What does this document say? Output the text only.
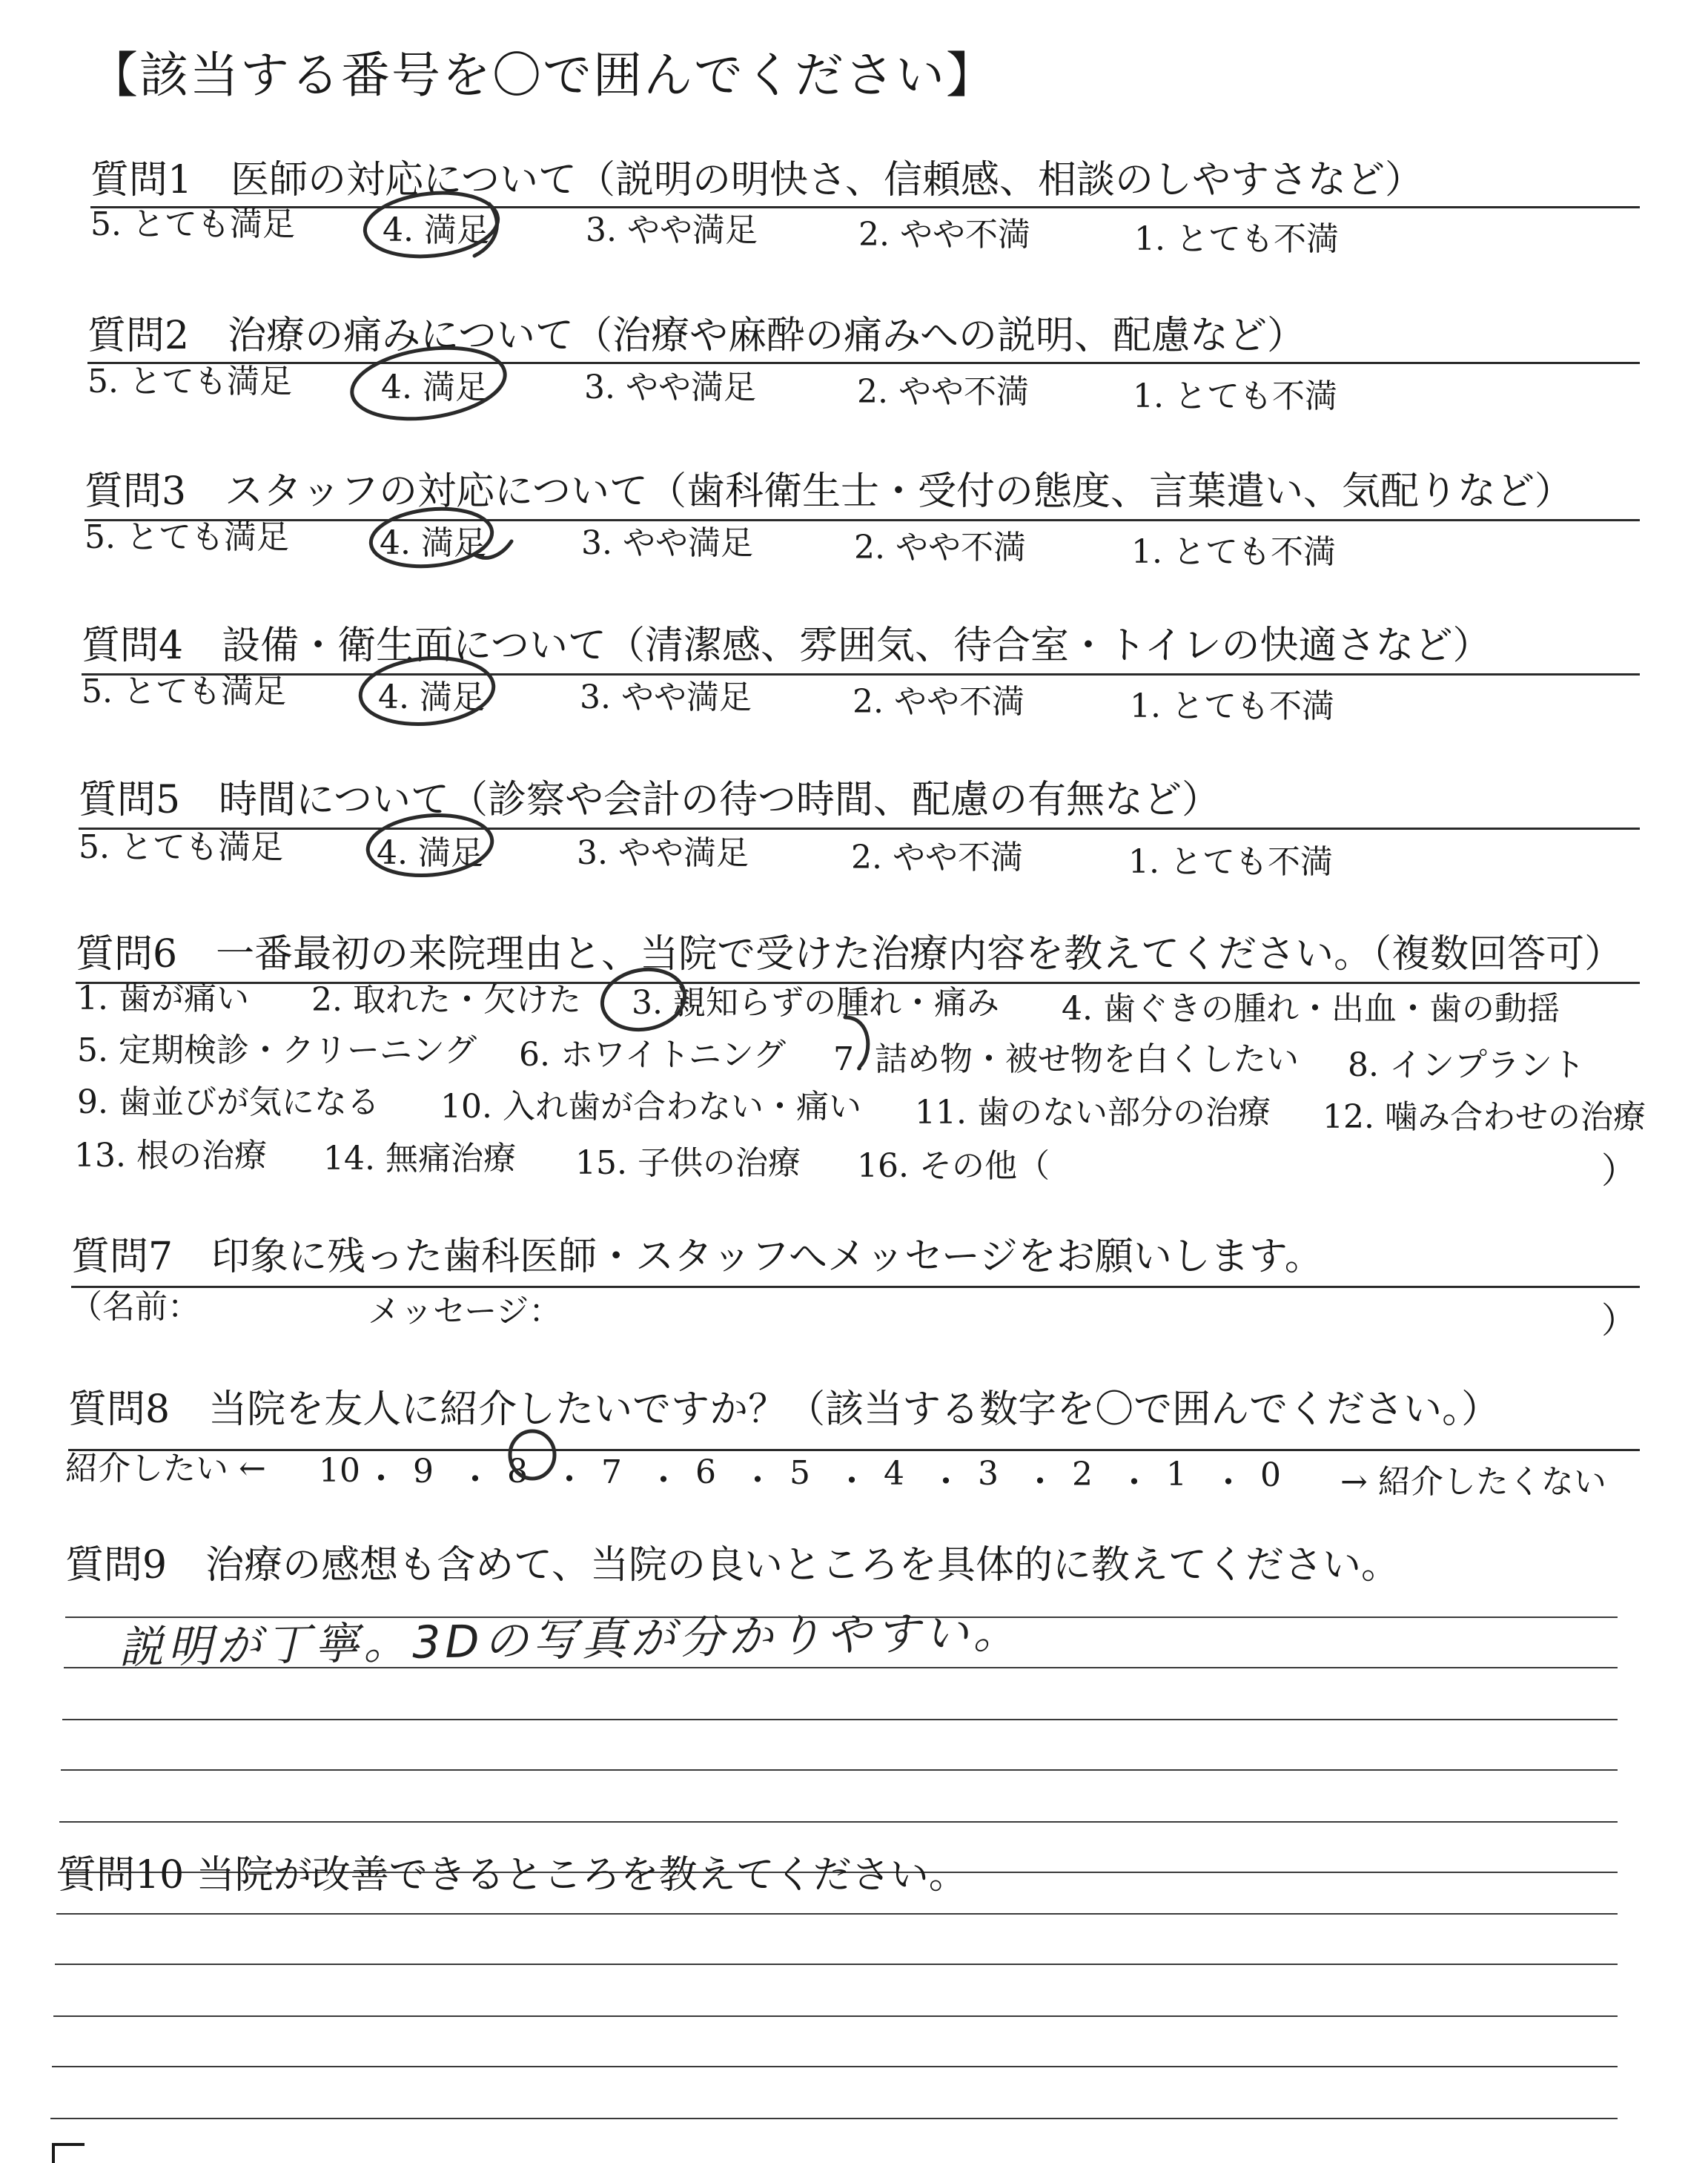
【該当する番号を〇で囲んでください】
質問1　医師の対応について（説明の明快さ、信頼感、相談のしやすさなど）
5. とても満足	4. 満足	3. やや満足	2. やや不満	1. とても不満
質問2　治療の痛みについて（治療や麻酔の痛みへの説明、配慮など）
5. とても満足	4. 満足	3. やや満足	2. やや不満	1. とても不満
質問3　スタッフの対応について（歯科衛生士・受付の態度、言葉遣い、気配りなど）
5. とても満足	4. 満足	3. やや満足	2. やや不満	1. とても不満
質問4　設備・衛生面について（清潔感、雰囲気、待合室・トイレの快適さなど）
5. とても満足	4. 満足	3. やや満足	2. やや不満	1. とても不満
質問5　時間について（診察や会計の待つ時間、配慮の有無など）
5. とても満足	4. 満足	3. やや満足	2. やや不満	1. とても不満
質問6　一番最初の来院理由と、当院で受けた治療内容を教えてください。（複数回答可）
1. 歯が痛い 2. 取れた・欠けた 3. 親知らずの腫れ・痛み 4. 歯ぐきの腫れ・出血・歯の動揺
5. 定期検診・クリーニング 6. ホワイトニング 7. 詰め物・被せ物を白くしたい 8. インプラント
9. 歯並びが気になる 10. 入れ歯が合わない・痛い 11. 歯のない部分の治療 12. 噛み合わせの治療
13. 根の治療 14. 無痛治療 15. 子供の治療 16. その他（	）
質問7　印象に残った歯科医師・スタッフへメッセージをお願いします。
（名前：	メッセージ：	）
質問8　当院を友人に紹介したいですか？（該当する数字を〇で囲んでください。）
紹介したい ← 10 ・ 9 ・ 8 ・ 7 ・ 6 ・ 5 ・ 4 ・ 3 ・ 2 ・ 1 ・ 0 → 紹介したくない
質問9　治療の感想も含めて、当院の良いところを具体的に教えてください。
説明が丁寧。3Dの写真が分かりやすい。
質問10 当院が改善できるところを教えてください。
